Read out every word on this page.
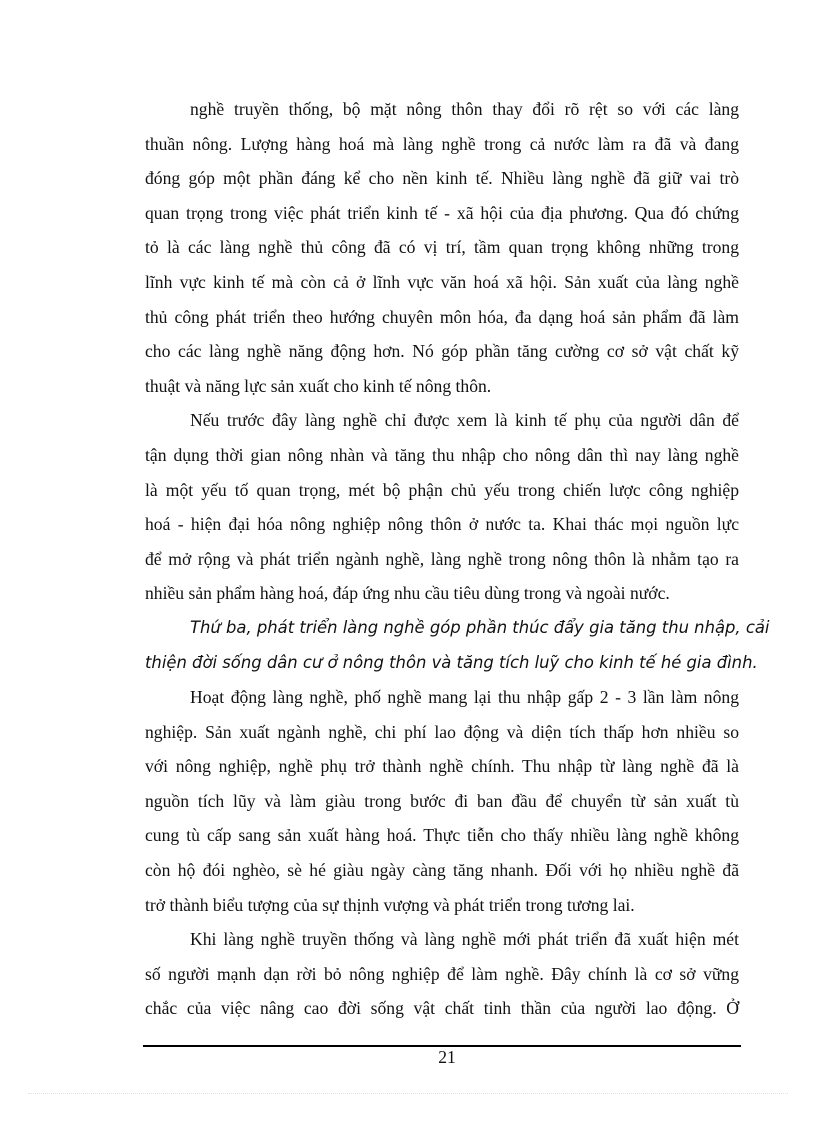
nghề truyền thống, bộ mặt nông thôn thay đổi rõ rệt so với các làng
thuần nông. Lượng hàng hoá mà làng nghề trong cả nước làm ra đã và đang
đóng góp một phần đáng kể cho nền kinh tế. Nhiều làng nghề đã giữ vai trò
quan trọng trong việc phát triển kinh tế - xã hội của địa phương. Qua đó chứng
tỏ là các làng nghề thủ công đã có vị trí, tầm quan trọng không những trong
lĩnh vực kinh tế mà còn cả ở lĩnh vực văn hoá xã hội. Sản xuất của làng nghề
thủ công phát triển theo hướng chuyên môn hóa, đa dạng hoá sản phẩm đã làm
cho các làng nghề năng động hơn. Nó góp phần tăng cường cơ sở vật chất kỹ
thuật và năng lực sản xuất cho kinh tế nông thôn.
Nếu trước đây làng nghề chỉ được xem là kinh tế phụ của người dân để
tận dụng thời gian nông nhàn và tăng thu nhập cho nông dân thì nay làng nghề
là một yếu tố quan trọng, mét bộ phận chủ yếu trong chiến lược công nghiệp
hoá - hiện đại hóa nông nghiệp nông thôn ở nước ta. Khai thác mọi nguồn lực
để mở rộng và phát triển ngành nghề, làng nghề trong nông thôn là nhằm tạo ra
nhiều sản phẩm hàng hoá, đáp ứng nhu cầu tiêu dùng trong và ngoài nước.
Thứ ba, phát triển làng nghề góp phần thúc đẩy gia tăng thu nhập, cải
thiện đời sống dân cư ở nông thôn và tăng tích luỹ cho kinh tế hé gia đình.
Hoạt động làng nghề, phố nghề mang lại thu nhập gấp 2 - 3 lần làm nông
nghiệp. Sản xuất ngành nghề, chi phí lao động và diện tích thấp hơn nhiều so
với nông nghiệp, nghề phụ trở thành nghề chính. Thu nhập từ làng nghề đã là
nguồn tích lũy và làm giàu trong bước đi ban đầu để chuyển từ sản xuất tù
cung tù cấp sang sản xuất hàng hoá. Thực tiễn cho thấy nhiều làng nghề không
còn hộ đói nghèo, sè hé giàu ngày càng tăng nhanh. Đối với họ nhiều nghề đã
trở thành biểu tượng của sự thịnh vượng và phát triển trong tương lai.
Khi làng nghề truyền thống và làng nghề mới phát triển đã xuất hiện mét
số người mạnh dạn rời bỏ nông nghiệp để làm nghề. Đây chính là cơ sở vững
chắc của việc nâng cao đời sống vật chất tinh thần của người lao động. Ở
21
